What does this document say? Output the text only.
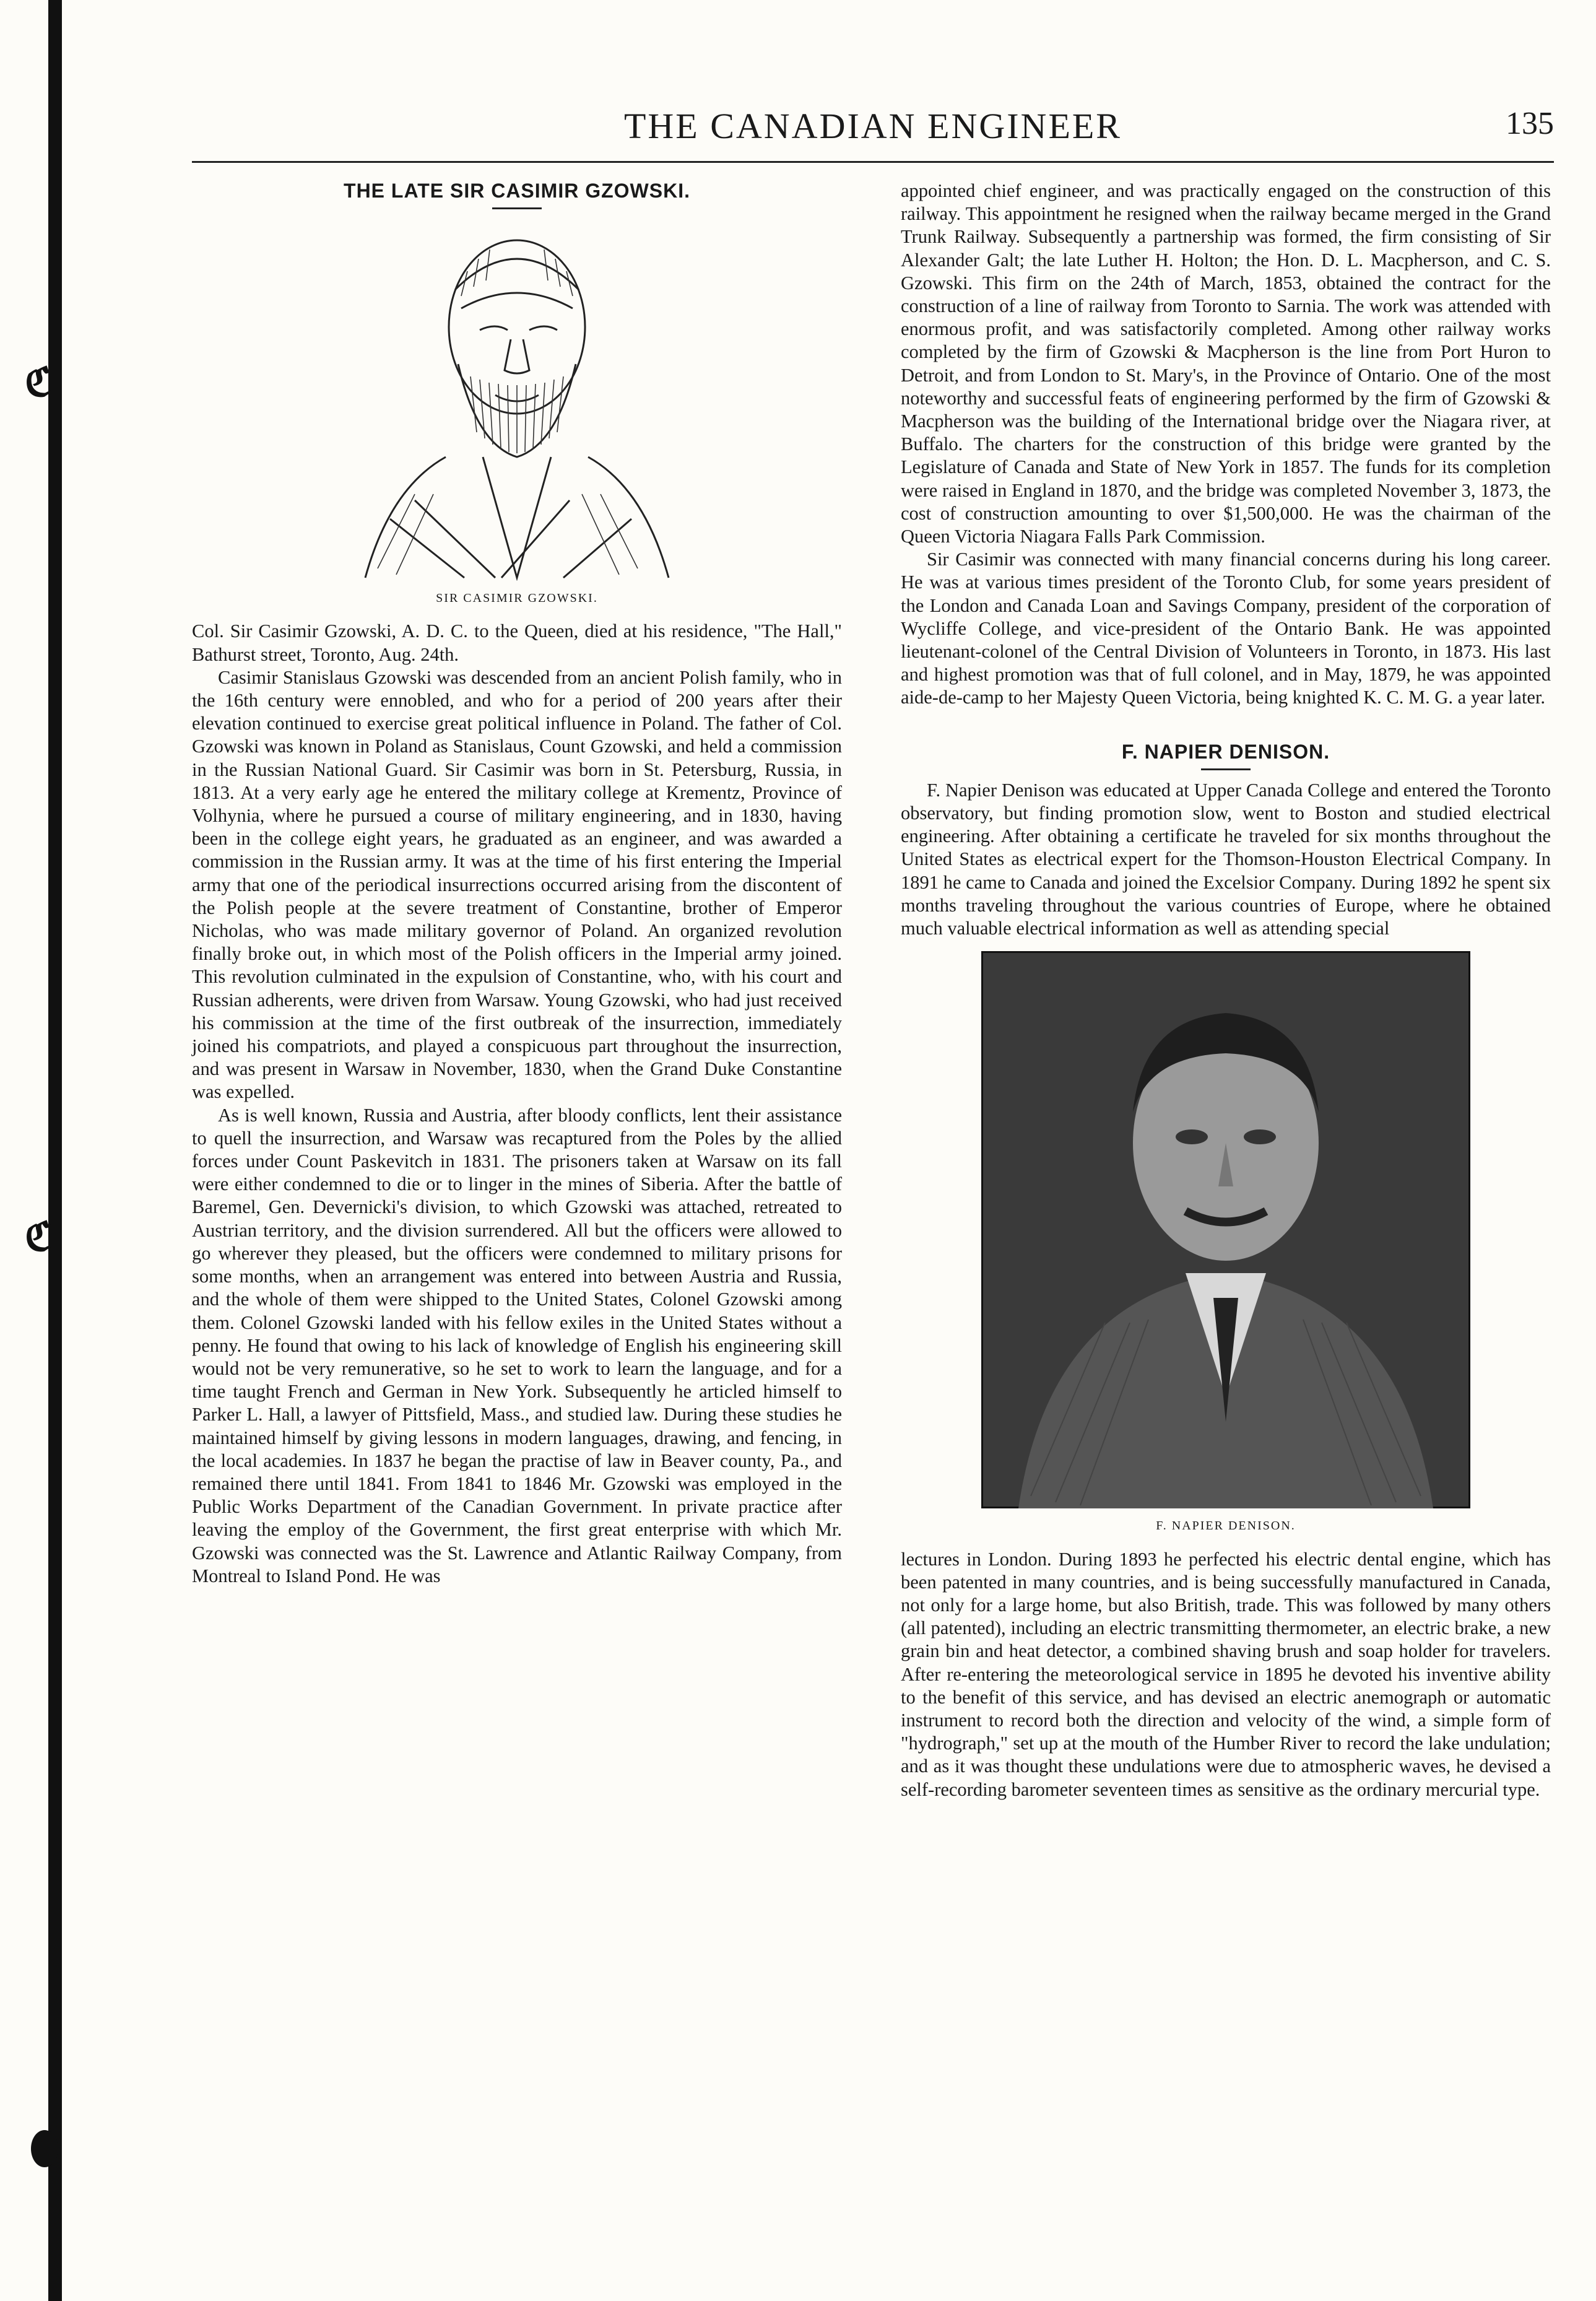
ℭ
ℭ
THE CANADIAN ENGINEER	135
THE LATE SIR CASIMIR GZOWSKI.
SIR CASIMIR GZOWSKI.

Col. Sir Casimir Gzowski, A. D. C. to the Queen, died at his residence, "The Hall," Bathurst street, Toronto, Aug. 24th.

Casimir Stanislaus Gzowski was descended from an ancient Polish family, who in the 16th century were ennobled, and who for a period of 200 years after their elevation continued to exercise great political influence in Poland. The father of Col. Gzowski was known in Poland as Stanislaus, Count Gzowski, and held a commission in the Russian National Guard. Sir Casimir was born in St. Petersburg, Russia, in 1813. At a very early age he entered the military college at Krementz, Province of Volhynia, where he pursued a course of military engineering, and in 1830, having been in the college eight years, he graduated as an engineer, and was awarded a commission in the Russian army. It was at the time of his first entering the Imperial army that one of the periodical insurrections occurred arising from the discontent of the Polish people at the severe treatment of Constantine, brother of Emperor Nicholas, who was made military governor of Poland. An organized revolution finally broke out, in which most of the Polish officers in the Imperial army joined. This revolution culminated in the expulsion of Constantine, who, with his court and Russian adherents, were driven from Warsaw. Young Gzowski, who had just received his commission at the time of the first outbreak of the insurrection, immediately joined his compatriots, and played a conspicuous part throughout the insurrection, and was present in Warsaw in November, 1830, when the Grand Duke Constantine was expelled.

As is well known, Russia and Austria, after bloody conflicts, lent their assistance to quell the insurrection, and Warsaw was recaptured from the Poles by the allied forces under Count Paskevitch in 1831. The prisoners taken at Warsaw on its fall were either condemned to die or to linger in the mines of Siberia. After the battle of Baremel, Gen. Devernicki's division, to which Gzowski was attached, retreated to Austrian territory, and the division surrendered. All but the officers were allowed to go wherever they pleased, but the officers were condemned to military prisons for some months, when an arrangement was entered into between Austria and Russia, and the whole of them were shipped to the United States, Colonel Gzowski among them. Colonel Gzowski landed with his fellow exiles in the United States without a penny. He found that owing to his lack of knowledge of English his engineering skill would not be very remunerative, so he set to work to learn the language, and for a time taught French and German in New York. Subsequently he articled himself to Parker L. Hall, a lawyer of Pittsfield, Mass., and studied law. During these studies he maintained himself by giving lessons in modern languages, drawing, and fencing, in the local academies. In 1837 he began the practise of law in Beaver county, Pa., and remained there until 1841. From 1841 to 1846 Mr. Gzowski was employed in the Public Works Department of the Canadian Government. In private practice after leaving the employ of the Government, the first great enterprise with which Mr. Gzowski was connected was the St. Lawrence and Atlantic Railway Company, from Montreal to Island Pond. He was

appointed chief engineer, and was practically engaged on the construction of this railway. This appointment he resigned when the railway became merged in the Grand Trunk Railway. Subsequently a partnership was formed, the firm consisting of Sir Alexander Galt; the late Luther H. Holton; the Hon. D. L. Macpherson, and C. S. Gzowski. This firm on the 24th of March, 1853, obtained the contract for the construction of a line of railway from Toronto to Sarnia. The work was attended with enormous profit, and was satisfactorily completed. Among other railway works completed by the firm of Gzowski & Macpherson is the line from Port Huron to Detroit, and from London to St. Mary's, in the Province of Ontario. One of the most noteworthy and successful feats of engineering performed by the firm of Gzowski & Macpherson was the building of the International bridge over the Niagara river, at Buffalo. The charters for the construction of this bridge were granted by the Legislature of Canada and State of New York in 1857. The funds for its completion were raised in England in 1870, and the bridge was completed November 3, 1873, the cost of construction amounting to over $1,500,000. He was the chairman of the Queen Victoria Niagara Falls Park Commission.

Sir Casimir was connected with many financial concerns during his long career. He was at various times president of the Toronto Club, for some years president of the London and Canada Loan and Savings Company, president of the corporation of Wycliffe College, and vice-president of the Ontario Bank. He was appointed lieutenant-colonel of the Central Division of Volunteers in Toronto, in 1873. His last and highest promotion was that of full colonel, and in May, 1879, he was appointed aide-de-camp to her Majesty Queen Victoria, being knighted K. C. M. G. a year later.

F. NAPIER DENISON.

F. Napier Denison was educated at Upper Canada College and entered the Toronto observatory, but finding promotion slow, went to Boston and studied electrical engineering. After obtaining a certificate he traveled for six months throughout the United States as electrical expert for the Thomson-Houston Electrical Company. In 1891 he came to Canada and joined the Excelsior Company. During 1892 he spent six months traveling throughout the various countries of Europe, where he obtained much valuable electrical information as well as attending special

F. NAPIER DENISON.

lectures in London. During 1893 he perfected his electric dental engine, which has been patented in many countries, and is being successfully manufactured in Canada, not only for a large home, but also British, trade. This was followed by many others (all patented), including an electric transmitting thermometer, an electric brake, a new grain bin and heat detector, a combined shaving brush and soap holder for travelers. After re-entering the meteorological service in 1895 he devoted his inventive ability to the benefit of this service, and has devised an electric anemograph or automatic instrument to record both the direction and velocity of the wind, a simple form of "hydrograph," set up at the mouth of the Humber River to record the lake undulation; and as it was thought these undulations were due to atmospheric waves, he devised a self-recording barometer seventeen times as sensitive as the ordinary mercurial type.
